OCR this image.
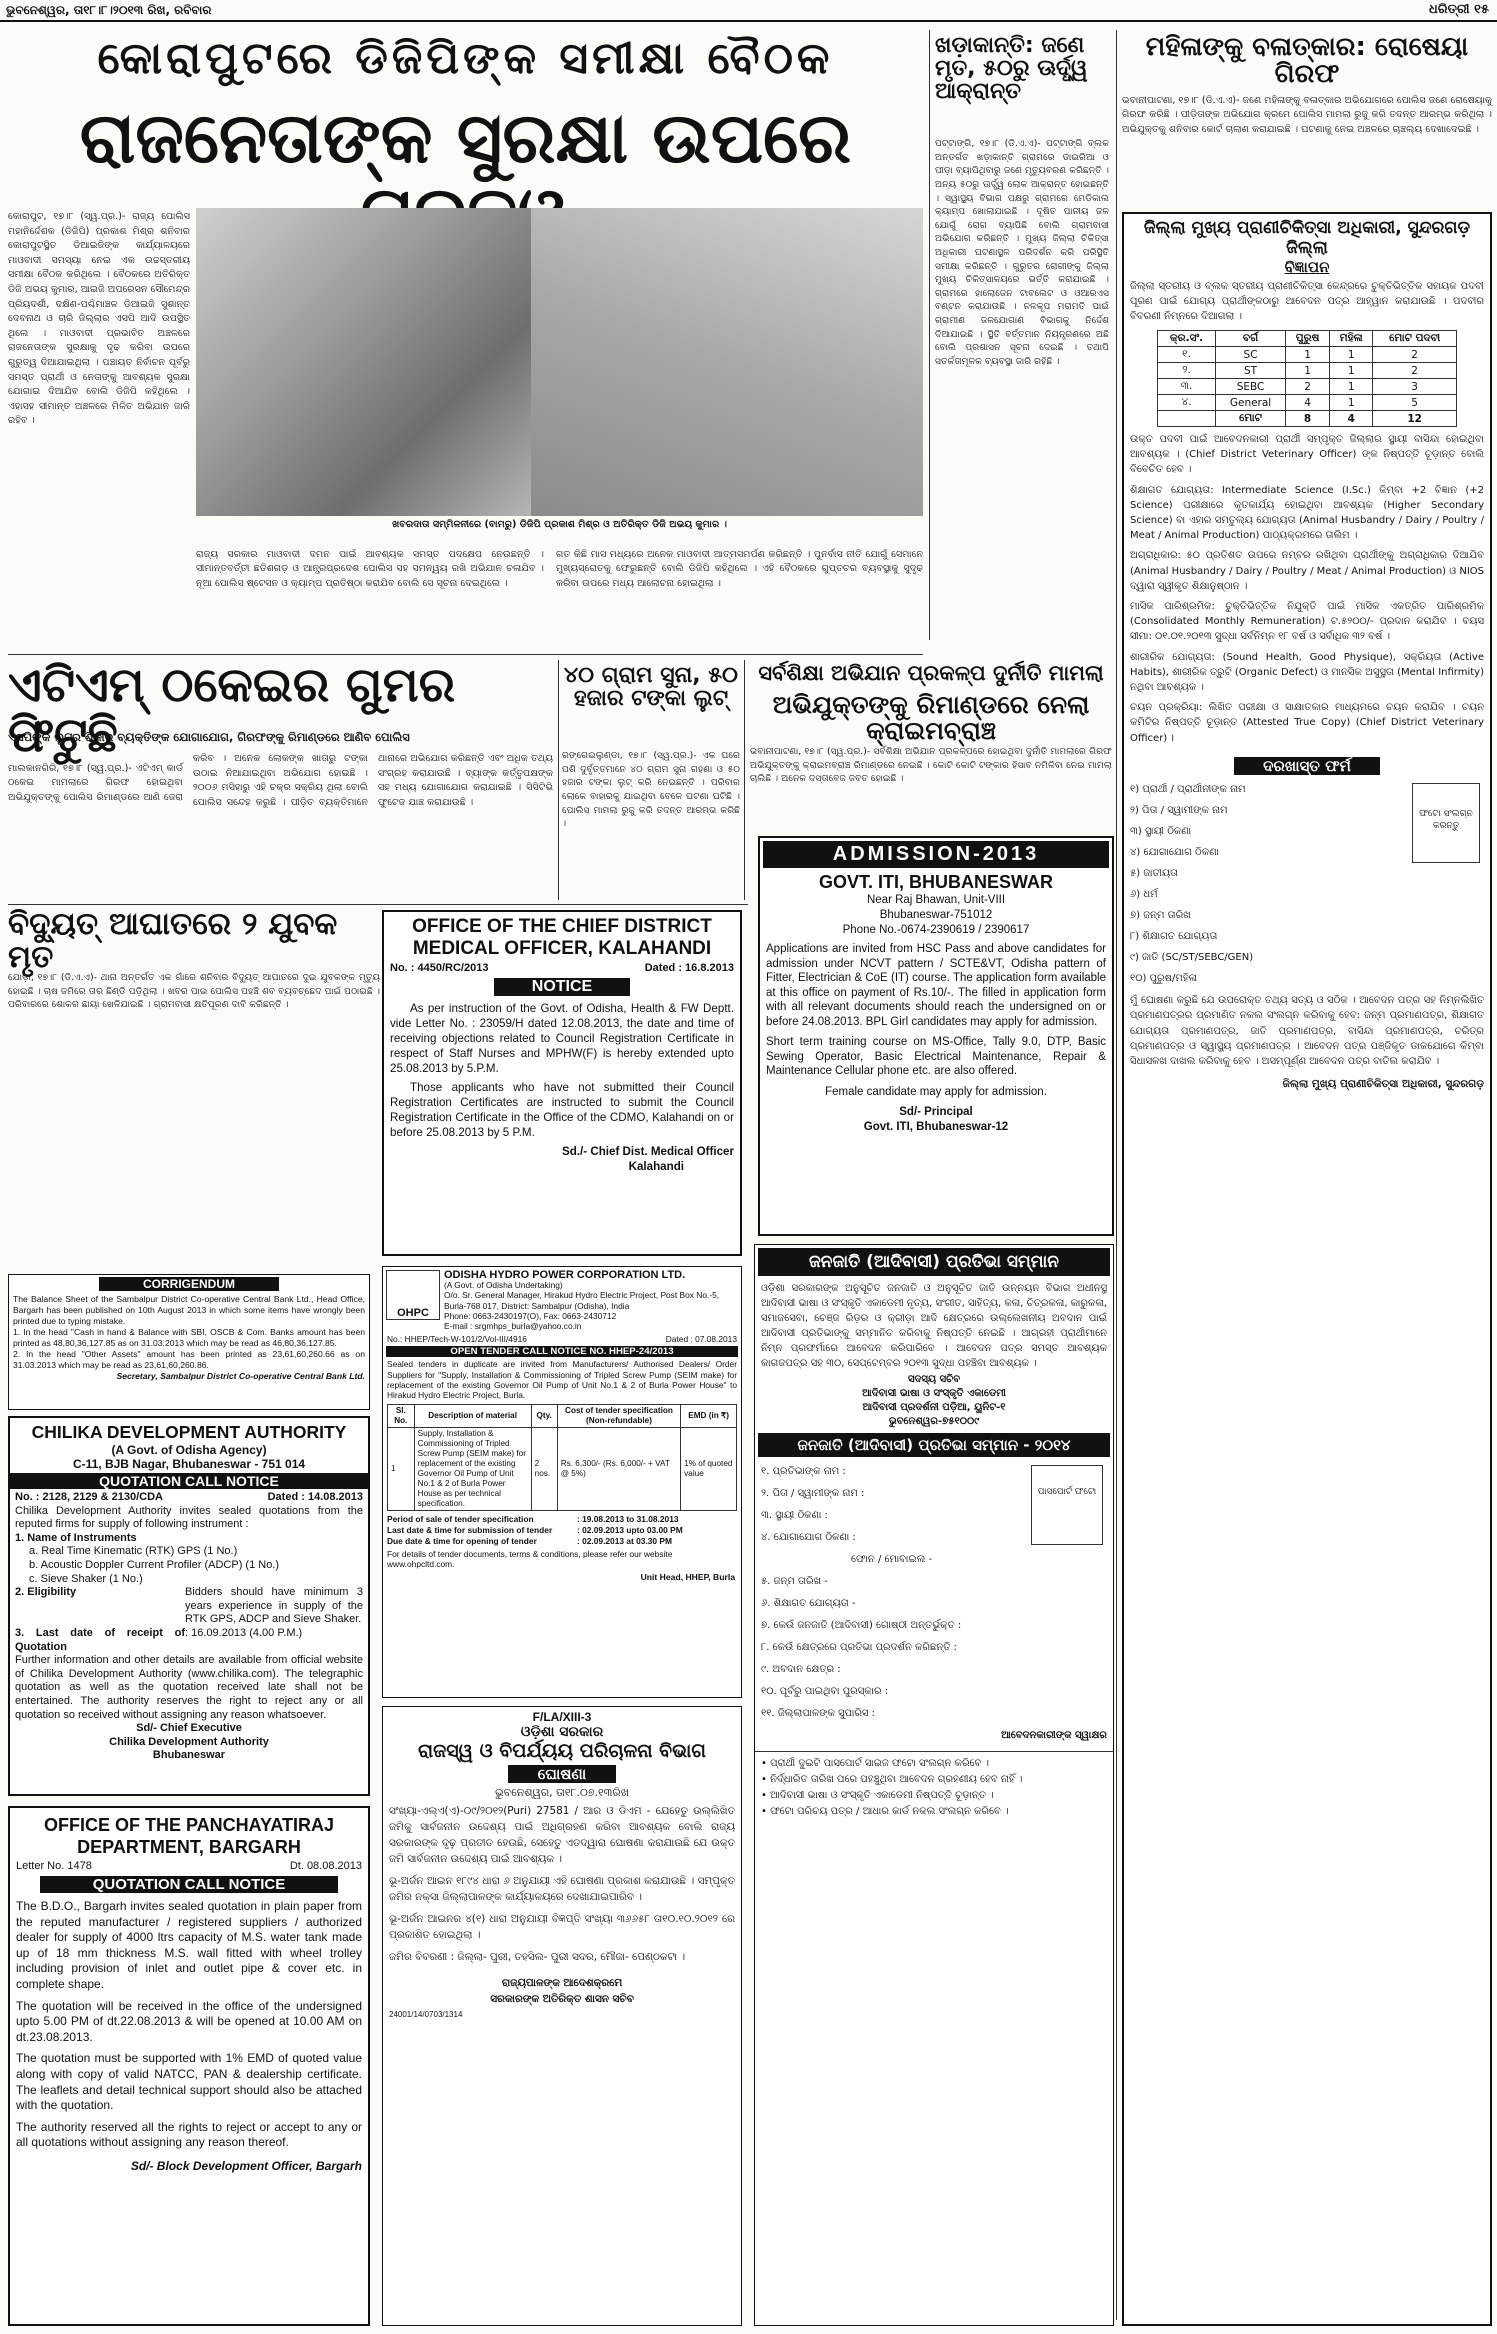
ଭୁବନେଶ୍ୱର, ତା୧୮।୮।୨୦୧୩ ରିଖ, ରବିବାର	ଧରିତ୍ରୀ ୧୫
କୋରାପୁଟରେ ଡିଜିପିଙ୍କ ସମୀକ୍ଷା ବୈଠକ
ରାଜନେତାଙ୍କ ସୁରକ୍ଷା ଉପରେ

କୋରାପୁଟ, ୧୭।୮ (ସ୍ୱ.ପ୍ର.)- ରାଜ୍ୟ ପୋଲିସ ମହାନିର୍ଦ୍ଦେଶକ (ଡିଜିପି) ପ୍ରକାଶ ମିଶ୍ର ଶନିବାର କୋରାପୁଟସ୍ଥିତ ଡିଆଇଜିଙ୍କ କାର୍ଯ୍ୟାଳୟରେ ମାଓବାଦୀ ସମସ୍ୟା ନେଇ ଏକ ଉଚ୍ଚସ୍ତରୀୟ ସମୀକ୍ଷା ବୈଠକ କରିଥିଲେ । ବୈଠକରେ ଅତିରିକ୍ତ ଡିଜି ଅଭୟ କୁମାର, ଆଇଜି ଅପରେସନ ସୌମେନ୍ଦ୍ର ପ୍ରିୟଦର୍ଶୀ, ଦକ୍ଷିଣ-ପଶ୍ଚିମାଞ୍ଚଳ ଡିଆଇଜି ସୁଶାନ୍ତ ଦେବନାଥ ଓ ଚାରି ଜିଲ୍ଲାର ଏସପି ଆଦି ଉପସ୍ଥିତ ଥିଲେ । ମାଓବାଦୀ ପ୍ରଭାବିତ ଅଞ୍ଚଳରେ ରାଜନେତାଙ୍କ ସୁରକ୍ଷାକୁ ଦୃଢ କରିବା ଉପରେ ଗୁରୁତ୍ୱ ଦିଆଯାଇଥିଲା । ପଞ୍ଚାୟତ ନିର୍ବାଚନ ପୂର୍ବରୁ ସମସ୍ତ ପ୍ରାର୍ଥୀ ଓ ନେତାଙ୍କୁ ଆବଶ୍ୟକ ସୁରକ୍ଷା ଯୋଗାଇ ଦିଆଯିବ ବୋଲି ଡିଜିପି କହିଥିଲେ । ଏହାସହ ସୀମାନ୍ତ ଅଞ୍ଚଳରେ ମିଳିତ ଅଭିଯାନ ଜାରି ରହିବ ।

ଖବରଦାତା ସମ୍ମିଳନୀରେ (ବାମରୁ) ଡିଜିପି ପ୍ରକାଶ ମିଶ୍ର ଓ ଅତିରିକ୍ତ ଡିଜି ଅଭୟ କୁମାର ।

ରାଜ୍ୟ ସରକାର ମାଓବାଦୀ ଦମନ ପାଇଁ ଆବଶ୍ୟକ ସମସ୍ତ ପଦକ୍ଷେପ ନେଉଛନ୍ତି । ସୀମାନ୍ତବର୍ତ୍ତୀ ଛତିଶଗଡ଼ ଓ ଆନ୍ଧ୍ରପ୍ରଦେଶ ପୋଲିସ ସହ ସମନ୍ୱୟ ରଖି ଅଭିଯାନ ଚଳାଯିବ । ନୂଆ ପୋଲିସ ଷ୍ଟେସନ ଓ କ୍ୟାମ୍ପ ପ୍ରତିଷ୍ଠା କରାଯିବ ବୋଲି ସେ ସୂଚନା ଦେଇଥିଲେ ।

ଗତ କିଛି ମାସ ମଧ୍ୟରେ ଅନେକ ମାଓବାଦୀ ଆତ୍ମସମର୍ପଣ କରିଛନ୍ତି । ପୁନର୍ବାସ ନୀତି ଯୋଗୁଁ ସେମାନେ ମୁଖ୍ୟସ୍ରୋତକୁ ଫେରୁଛନ୍ତି ବୋଲି ଡିଜିପି କହିଥିଲେ । ଏହି ବୈଠକରେ ଗୁପ୍ତଚର ବ୍ୟବସ୍ଥାକୁ ସୁଦୃଢ କରିବା ଉପରେ ମଧ୍ୟ ଆଲୋଚନା ହୋଇଥିଲା ।

ଖଡ଼ାକାନ୍ତି: ଜଣେ ମୃତ, ୫୦ରୁ ଊର୍ଦ୍ଧ୍ୱ ଆକ୍ରାନ୍ତ

ପଟ୍ଟାଙ୍ଗି, ୧୭।୮ (ଡି.ଏ.ଏ)- ପଟ୍ଟାଙ୍ଗି ବ୍ଲକ ଅନ୍ତର୍ଗତ ଖଡ଼ାକାନ୍ତି ଗ୍ରାମରେ ଡାଇରିଆ ଓ ପୀଡ଼ା ବ୍ୟାପିଥିବାରୁ ଜଣେ ମୃତ୍ୟୁବରଣ କରିଛନ୍ତି । ଅନ୍ୟ ୫୦ରୁ ଊର୍ଦ୍ଧ୍ୱ ଲୋକ ଆକ୍ରାନ୍ତ ହୋଇଛନ୍ତି । ସ୍ୱାସ୍ଥ୍ୟ ବିଭାଗ ପକ୍ଷରୁ ଗ୍ରାମରେ ମେଡିକାଲ କ୍ୟାମ୍ପ ଖୋଲାଯାଇଛି । ଦୂଷିତ ପାନୀୟ ଜଳ ଯୋଗୁଁ ରୋଗ ବ୍ୟାପିଛି ବୋଲି ଗ୍ରାମବାସୀ ଅଭିଯୋଗ କରିଛନ୍ତି । ମୁଖ୍ୟ ଜିଲ୍ଲା ଚିକିତ୍ସା ଅଧିକାରୀ ଘଟଣାସ୍ଥଳ ପରିଦର୍ଶନ କରି ପରିସ୍ଥିତି ସମୀକ୍ଷା କରିଛନ୍ତି । ଗୁରୁତର ରୋଗୀଙ୍କୁ ଜିଲ୍ଲା ମୁଖ୍ୟ ଚିକିତ୍ସାଳୟରେ ଭର୍ତ୍ତି କରାଯାଇଛି । ଗ୍ରାମରେ ହାଲୋଜେନ ଟାବଲେଟ ଓ ଓଆରଏସ ବଣ୍ଟନ କରାଯାଉଛି । ନଳକୂପ ମରାମତି ପାଇଁ ଗ୍ରାମୀଣ ଜଳଯୋଗାଣ ବିଭାଗକୁ ନିର୍ଦ୍ଦେଶ ଦିଆଯାଇଛି । ସ୍ଥିତି ବର୍ତ୍ତମାନ ନିୟନ୍ତ୍ରଣରେ ଅଛି ବୋଲି ପ୍ରଶାସନ ସୂଚନା ଦେଇଛି । ତଥାପି ସତର୍କତାମୂଳକ ବ୍ୟବସ୍ଥା ଜାରି ରହିଛି ।

ମହିଳାଙ୍କୁ ବଳାତ୍କାର: ରୋଷେୟା ଗିରଫ

ଭବାନୀପାଟଣା, ୧୭।୮ (ଡି.ଏ.ଏ)- ଜଣେ ମହିଳାଙ୍କୁ ବଳାତ୍କାର ଅଭିଯୋଗରେ ପୋଲିସ ଜଣେ ରୋଷେୟାକୁ ଗିରଫ କରିଛି । ପୀଡ଼ିତାଙ୍କ ଅଭିଯୋଗ କ୍ରମେ ପୋଲିସ ମାମଲା ରୁଜୁ କରି ତଦନ୍ତ ଆରମ୍ଭ କରିଥିଲା । ଅଭିଯୁକ୍ତକୁ ଶନିବାର କୋର୍ଟ ଚାଲାଣ କରାଯାଇଛି । ଘଟଣାକୁ ନେଇ ଅଞ୍ଚଳରେ ଚାଞ୍ଚଲ୍ୟ ଦେଖାଦେଇଛି ।

ଏଟିଏମ୍ ଠକେଇର ଗୁମର ଫିଟୁଛି
ଏସପିଙ୍କ ଲୁଟ୍ର ଶିକାର ବ୍ୟକ୍ତିଙ୍କ ଯୋଗାଯୋଗ, ଗିରଫଙ୍କୁ ରିମାଣ୍ଡରେ ଆଣିବ ପୋଲିସ

ମାଲକାନଗିରି, ୧୭।୮ (ସ୍ୱ.ପ୍ର.)- ଏଟିଏମ୍ କାର୍ଡ ଠକେଇ ମାମଲାରେ ଗିରଫ ହୋଇଥିବା ଅଭିଯୁକ୍ତଙ୍କୁ ପୋଲିସ ରିମାଣ୍ଡରେ ଆଣି ଜେରା କରିବ । ଅନେକ ଲୋକଙ୍କ ଖାତାରୁ ଟଙ୍କା ଉଠାଇ ନିଆଯାଇଥିବା ଅଭିଯୋଗ ହୋଇଛି । ୨୦୦୬ ମସିହାରୁ ଏହି ଚକ୍ର ସକ୍ରିୟ ଥିଲା ବୋଲି ପୋଲିସ ସନ୍ଦେହ କରୁଛି । ପୀଡ଼ିତ ବ୍ୟକ୍ତିମାନେ ଥାନାରେ ଅଭିଯୋଗ କରିଛନ୍ତି ଏବଂ ଅଧିକ ତଥ୍ୟ ସଂଗ୍ରହ କରାଯାଉଛି । ବ୍ୟାଙ୍କ କର୍ତ୍ତୃପକ୍ଷଙ୍କ ସହ ମଧ୍ୟ ଯୋଗାଯୋଗ କରାଯାଇଛି । ସିସିଟିଭି ଫୁଟେଜ ଯାଞ୍ଚ କରାଯାଉଛି ।

୪୦ ଗ୍ରାମ ସୁନା, ୫୦ ହଜାର ଟଙ୍କା ଲୁଟ୍

ରଙ୍ଗେଇଲୁଣ୍ଡା, ୧୭।୮ (ସ୍ୱ.ପ୍ର.)- ଏକ ଘରେ ପଶି ଦୁର୍ବୃତ୍ତମାନେ ୪୦ ଗ୍ରାମ ସୁନା ଗହଣା ଓ ୫୦ ହଜାର ଟଙ୍କା ଲୁଟ୍ କରି ନେଇଛନ୍ତି । ପରିବାର ଲୋକେ ବାହାରକୁ ଯାଇଥିବା ବେଳେ ଘଟଣା ଘଟିଛି । ପୋଲିସ ମାମଲା ରୁଜୁ କରି ତଦନ୍ତ ଆରମ୍ଭ କରିଛି ।

ସର୍ବଶିକ୍ଷା ଅଭିଯାନ ପ୍ରକଳ୍ପ ଦୁର୍ନୀତି ମାମଲା
ଅଭିଯୁକ୍ତଙ୍କୁ ରିମାଣ୍ଡରେ ନେଲା କ୍ରାଇମବ୍ରାଞ୍ଚ

ଭବାନୀପାଟଣା, ୧୭।୮ (ସ୍ୱ.ପ୍ର.)- ସର୍ବଶିକ୍ଷା ଅଭିଯାନ ପ୍ରକଳ୍ପରେ ହୋଇଥିବା ଦୁର୍ନୀତି ମାମଲାରେ ଗିରଫ ଅଭିଯୁକ୍ତଙ୍କୁ କ୍ରାଇମବ୍ରାଞ୍ଚ ରିମାଣ୍ଡରେ ନେଇଛି । କୋଟି କୋଟି ଟଙ୍କାର ହିସାବ ନମିଳିବା ନେଇ ମାମଲା ଚାଲିଛି । ଅନେକ ଦସ୍ତାବେଜ ଜବତ ହୋଇଛି ।

ADMISSION-2013
GOVT. ITI, BHUBANESWAR
Near Raj Bhawan, Unit-VIII
Bhubaneswar-751012
Phone No.-0674-2390619 / 2390617

Applications are invited from HSC Pass and above candidates for admission under NCVT pattern / SCTE&VT, Odisha pattern of Fitter, Electrician & CoE (IT) course. The application form available at this office on payment of Rs.10/-. The filled in application form with all relevant documents should reach the undersigned on or before 24.08.2013. BPL Girl candidates may apply for admission.

Short term training course on MS-Office, Tally 9.0, DTP, Basic Sewing Operator, Basic Electrical Maintenance, Repair & Maintenance Cellular phone etc. are also offered.

Female candidate may apply for admission.

Sd/- Principal
Govt. ITI, Bhubaneswar-12
ବିଦ୍ୟୁତ୍ ଆଘାତରେ ୨ ଯୁବକ ମୃତ

ଯୋଡ଼ା, ୧୭।୮ (ଡି.ଏ.ଏ)- ଥାନା ଅନ୍ତର୍ଗତ ଏକ ଗାଁରେ ଶନିବାର ବିଦ୍ୟୁତ୍ ଆଘାତରେ ଦୁଇ ଯୁବକଙ୍କ ମୃତ୍ୟୁ ହୋଇଛି । ଚାଷ ଜମିରେ ତାର ଛିଣ୍ଡି ପଡ଼ିଥିଲା । ଖବର ପାଇ ପୋଲିସ ପହଞ୍ଚି ଶବ ବ୍ୟବଚ୍ଛେଦ ପାଇଁ ପଠାଇଛି । ପରିବାରରେ ଶୋକର ଛାୟା ଖେଳିଯାଇଛି । ଗ୍ରାମବାସୀ କ୍ଷତିପୂରଣ ଦାବି କରିଛନ୍ତି ।

CORRIGENDUM
The Balance Sheet of the Sambalpur District Co-operative Central Bank Ltd., Head Office, Bargarh has been published on 10th August 2013 in which some items have wrongly been printed due to typing mistake.
1. In the head "Cash in hand & Balance with SBI, OSCB & Com. Banks amount has been printed as 48,80,36,127.85 as on 31.03.2013 which may be read as 46,80,36,127.85.
2. In the head "Other Assets" amount has been printed as 23,61,60,260.66 as on 31.03.2013 which may be read as 23,61,60,260.86.
Secretary, Sambalpur District Co-operative Central Bank Ltd.
CHILIKA DEVELOPMENT AUTHORITY
(A Govt. of Odisha Agency)
C-11, BJB Nagar, Bhubaneswar - 751 014
QUOTATION CALL NOTICE
No. : 2128, 2129 & 2130/CDA	Dated : 14.08.2013
Chilika Development Authority invites sealed quotations from the reputed firms for supply of following instrument :
1. Name of Instruments
a. Real Time Kinematic (RTK) GPS (1 No.)
b. Acoustic Doppler Current Profiler (ADCP) (1 No.)
c. Sieve Shaker (1 No.)
2. Eligibility	Bidders should have minimum 3 years experience in supply of the RTK GPS, ADCP and Sieve Shaker.
3. Last date of receipt of Quotation
: 16.09.2013 (4.00 P.M.)
Further information and other details are available from official website of Chilika Development Authority (www.chilika.com). The telegraphic quotation as well as the quotation received late shall not be entertained. The authority reserves the right to reject any or all quotation so received without assigning any reason whatsoever.
Sd/- Chief Executive
Chilika Development Authority
Bhubaneswar
OFFICE OF THE PANCHAYATIRAJ DEPARTMENT, BARGARH
Letter No. 1478	Dt. 08.08.2013
QUOTATION CALL NOTICE

The B.D.O., Bargarh invites sealed quotation in plain paper from the reputed manufacturer / registered suppliers / authorized dealer for supply of 4000 ltrs capacity of M.S. water tank made up of 18 mm thickness M.S. wall fitted with wheel trolley including provision of inlet and outlet pipe & cover etc. in complete shape.

The quotation will be received in the office of the undersigned upto 5.00 PM of dt.22.08.2013 & will be opened at 10.00 AM on dt.23.08.2013.

The quotation must be supported with 1% EMD of quoted value along with copy of valid NATCC, PAN & dealership certificate. The leaflets and detail technical support should also be attached with the quotation.

The authority reserved all the rights to reject or accept to any or all quotations without assigning any reason thereof.

Sd/- Block Development Officer, Bargarh
OFFICE OF THE CHIEF DISTRICT
MEDICAL OFFICER, KALAHANDI
No. : 4450/RC/2013	Dated : 16.8.2013
NOTICE

As per instruction of the Govt. of Odisha, Health & FW Deptt. vide Letter No. : 23059/H dated 12.08.2013, the date and time of receiving objections related to Council Registration Certificate in respect of Staff Nurses and MPHW(F) is hereby extended upto 25.08.2013 by 5.P.M.

Those applicants who have not submitted their Council Registration Certificates are instructed to submit the Council Registration Certificate in the Office of the CDMO, Kalahandi on or before 25.08.2013 by 5 P.M.

Sd./- Chief Dist. Medical Officer
Kalahandi
OHPC
ODISHA HYDRO POWER CORPORATION LTD.
(A Govt. of Odisha Undertaking)
O/o. Sr. General Manager, Hirakud Hydro Electric Project, Post Box No.-5, Burla-768 017, District: Sambalpur (Odisha), India
Phone: 0663-2430197(O), Fax: 0663-2430712
E-mail : srgmhps_burla@yahoo.co.in
No.: HHEP/Tech-W-101/2/Vol-III/4916	Dated : 07.08.2013
OPEN TENDER CALL NOTICE NO. HHEP-24/2013
Sealed tenders in duplicate are invited from Manufacturers/ Authorised Dealers/ Order Suppliers for "Supply, Installation & Commissioning of Tripled Screw Pump (SEIM make) for replacement of the existing Governor Oil Pump of Unit No.1 & 2 of Burla Power House" to Hirakud Hydro Electric Project, Burla.
Sl. No.	Description of material	Qty.	Cost of tender specification (Non-refundable)	EMD (in ₹)
1	Supply, Installation & Commissioning of Tripled Screw Pump (SEIM make) for replacement of the existing Governor Oil Pump of Unit No.1 & 2 of Burla Power House as per technical specification.	2 nos.	Rs. 6,300/- (Rs. 6,000/- + VAT @ 5%)	1% of quoted value
Period of sale of tender specification	: 19.08.2013 to 31.08.2013
Last date & time for submission of tender	: 02.09.2013 upto 03.00 PM
Due date & time for opening of tender	: 02.09.2013 at 03.30 PM
For details of tender documents, terms & conditions, please refer our website www.ohpcltd.com.
Unit Head, HHEP, Burla
F/LA/XIII-3
ଓଡ଼ିଶା ସରକାର
ରାଜସ୍ୱ ଓ ବିପର୍ଯ୍ୟୟ ପରିଚାଳନା ବିଭାଗ
ଘୋଷଣା
ଭୁବନେଶ୍ୱର, ତା୧୮.୦୭.୧୩ରିଖ

ସଂଖ୍ୟା-ଏଲ୍ଏ(ଏ)-୦୯/୨୦୧୨(Puri) 27581 / ଆର ଓ ଡିଏମ - ଯେହେତୁ ଉଲ୍ଲିଖିତ ଜମିକୁ ସାର୍ବଜନୀନ ଉଦ୍ଦେଶ୍ୟ ପାଇଁ ଅଧିଗ୍ରହଣ କରିବା ଆବଶ୍ୟକ ବୋଲି ରାଜ୍ୟ ସରକାରଙ୍କ ଦୃଢ଼ ପ୍ରତୀତ ହେଉଛି, ସେହେତୁ ଏତଦ୍ୱାରା ଘୋଷଣା କରାଯାଉଛି ଯେ ଉକ୍ତ ଜମି ସାର୍ବଜନୀନ ଉଦ୍ଦେଶ୍ୟ ପାଇଁ ଆବଶ୍ୟକ ।

ଭୂ-ଅର୍ଜନ ଆଇନ ୧୮୯୪ ଧାରା ୬ ଅନୁଯାୟୀ ଏହି ଘୋଷଣା ପ୍ରକାଶ କରାଯାଉଛି । ସମ୍ପୃକ୍ତ ଜମିର ନକ୍ସା ଜିଲ୍ଲାପାଳଙ୍କ କାର୍ଯ୍ୟାଳୟରେ ଦେଖାଯାଇପାରିବ ।

ଭୂ-ଅର୍ଜନ ଆଇନର ୪(୧) ଧାରା ଅନୁଯାୟୀ ବିଜ୍ଞପ୍ତି ସଂଖ୍ୟା ୩୬୬୫୮ ତା୧୦.୧୦.୨୦୧୨ ରେ ପ୍ରକାଶିତ ହୋଇଥିଲା ।

ଜମିର ବିବରଣୀ : ଜିଲ୍ଲା- ପୁରୀ, ତହସିଲ- ପୁରୀ ସଦର, ମୌଜା- ପେଣ୍ଠକଟା ।

ରାଜ୍ୟପାଳଙ୍କ ଆଦେଶକ୍ରମେ
ସରକାରଙ୍କ ଅତିରିକ୍ତ ଶାସନ ସଚିବ
24001/14/0703/1314
ଜନଜାତି (ଆଦିବାସୀ) ପ୍ରତିଭା ସମ୍ମାନ
ଓଡ଼ିଶା ସରକାରଙ୍କ ଅନୁସୂଚିତ ଜନଜାତି ଓ ଅନୁସୂଚିତ ଜାତି ଉନ୍ନୟନ ବିଭାଗ ଅଧୀନସ୍ଥ ଆଦିବାସୀ ଭାଷା ଓ ସଂସ୍କୃତି ଏକାଡେମୀ ନୃତ୍ୟ, ସଂଗୀତ, ସାହିତ୍ୟ, କଳା, ଚିତ୍ରକଳା, କାରୁକଳା, ସମାଜସେବା, ଚେଞ୍ଜ ରିଡ଼ର ଓ କ୍ରୀଡ଼ା ଆଦି କ୍ଷେତ୍ରରେ ଉଲ୍ଲେଖନୀୟ ଅବଦାନ ପାଇଁ ଆଦିବାସୀ ପ୍ରତିଭାଙ୍କୁ ସମ୍ମାନିତ କରିବାକୁ ନିଷ୍ପତ୍ତି ନେଇଛି । ଆଗ୍ରହୀ ପ୍ରାର୍ଥୀମାନେ ନିମ୍ନ ପ୍ରଫର୍ମାରେ ଆବେଦନ କରିପାରିବେ । ଆବେଦନ ପତ୍ର ସମସ୍ତ ଆବଶ୍ୟକ କାଗଜପତ୍ର ସହ ୩୦, ସେପ୍ଟେମ୍ବର ୨୦୧୩ ସୁଦ୍ଧା ପହଞ୍ଚିବା ଆବଶ୍ୟକ ।
ସଦସ୍ୟ ସଚିବ
ଆଦିବାସୀ ଭାଷା ଓ ସଂସ୍କୃତି ଏକାଡେମୀ
ଆଦିବାସୀ ପ୍ରଦର୍ଶନୀ ପଡ଼ିଆ, ୟୁନିଟ-୧
ଭୁବନେଶ୍ୱର-୭୫୧୦୦୯
ଜନଜାତି (ଆଦିବାସୀ) ପ୍ରତିଭା ସମ୍ମାନ - ୨୦୧୪
ପାସପୋର୍ଟ ଫଟୋ
୧. ପ୍ରତିଭାଙ୍କ ନାମ :
୨. ପିତା / ସ୍ୱାମୀଙ୍କ ନାମ :
୩. ସ୍ଥାୟୀ ଠିକଣା :
୪. ଯୋଗାଯୋଗ ଠିକଣା :
ଫୋନ / ମୋବାଇଲ -
୫. ଜନ୍ମ ତାରିଖ -
୬. ଶିକ୍ଷାଗତ ଯୋଗ୍ୟତା -
୭. କେଉଁ ଜନଜାତି (ଆଦିବାସୀ) ଗୋଷ୍ଠୀ ଅନ୍ତର୍ଭୁକ୍ତ :
୮. କେଉଁ କ୍ଷେତ୍ରରେ ପ୍ରତିଭା ପ୍ରଦର୍ଶନ କରିଛନ୍ତି :
୯. ଅବଦାନ କ୍ଷେତ୍ର :
୧୦. ପୂର୍ବରୁ ପାଇଥିବା ପୁରସ୍କାର :
୧୧. ଜିଲ୍ଲାପାଳଙ୍କ ସୁପାରିସ :
ଆବେଦନକାରୀଙ୍କ ସ୍ୱାକ୍ଷର
• ପ୍ରାର୍ଥୀ ଦୁଇଟି ପାସପୋର୍ଟ ସାଇଜ ଫଟୋ ସଂଲଗ୍ନ କରିବେ ।
• ନିର୍ଦ୍ଧାରିତ ତାରିଖ ପରେ ପହଞ୍ଚୁଥିବା ଆବେଦନ ଗ୍ରହଣୀୟ ହେବ ନାହିଁ ।
• ଆଦିବାସୀ ଭାଷା ଓ ସଂସ୍କୃତି ଏକାଡେମୀ ନିଷ୍ପତ୍ତି ଚୂଡ଼ାନ୍ତ ।
• ଫଟୋ ପରିଚୟ ପତ୍ର / ଆଧାର କାର୍ଡ ନକଲ ସଂଲଗ୍ନ କରିବେ ।
ଜିଲ୍ଲା ମୁଖ୍ୟ ପ୍ରାଣୀଚିକିତ୍ସା ଅଧିକାରୀ, ସୁନ୍ଦରଗଡ଼ ଜିଲ୍ଲା
ବିଜ୍ଞାପନ
ଜିଲ୍ଲା ସ୍ତରୀୟ ଓ ବ୍ଲକ ସ୍ତରୀୟ ପ୍ରାଣୀଚିକିତ୍ସା କେନ୍ଦ୍ରରେ ଚୁକ୍ତିଭିତ୍ତିକ ସହାୟକ ପଦବୀ ପୂରଣ ପାଇଁ ଯୋଗ୍ୟ ପ୍ରାର୍ଥୀଙ୍କଠାରୁ ଆବେଦନ ପତ୍ର ଆହ୍ୱାନ କରାଯାଉଛି । ପଦବୀର ବିବରଣୀ ନିମ୍ନରେ ଦିଆଗଲା ।
କ୍ର.ସଂ.	ବର୍ଗ	ପୁରୁଷ	ମହିଳା	ମୋଟ ପଦବୀ
୧.	SC	1	1	2
୨.	ST	1	1	2
୩.	SEBC	2	1	3
୪.	General	4	1	5
	ମୋଟ	8	4	12

ଉକ୍ତ ପଦବୀ ପାଇଁ ଆବେଦନକାରୀ ପ୍ରାର୍ଥୀ ସମ୍ପୃକ୍ତ ଜିଲ୍ଲାର ସ୍ଥାୟୀ ବାସିନ୍ଦା ହୋଇଥିବା ଆବଶ୍ୟକ । (Chief District Veterinary Officer) ଙ୍କ ନିଷ୍ପତ୍ତି ଚୂଡ଼ାନ୍ତ ବୋଲି ବିବେଚିତ ହେବ ।

ଶିକ୍ଷାଗତ ଯୋଗ୍ୟତା: Intermediate Science (I.Sc.) କିମ୍ବା +2 ବିଜ୍ଞାନ (+2 Science) ପରୀକ୍ଷାରେ କୃତକାର୍ଯ୍ୟ ହୋଇଥିବା ଆବଶ୍ୟକ (Higher Secondary Science) ବା ଏହାର ସମତୁଲ୍ୟ ଯୋଗ୍ୟତା (Animal Husbandry / Dairy / Poultry / Meat / Animal Production) ପାଠ୍ୟକ୍ରମରେ ତାଲିମ ।

ଅଗ୍ରାଧିକାର: ୫୦ ପ୍ରତିଶତ ଉପରେ ନମ୍ବର ରଖିଥିବା ପ୍ରାର୍ଥୀଙ୍କୁ ଅଗ୍ରାଧିକାର ଦିଆଯିବ (Animal Husbandry / Dairy / Poultry / Meat / Animal Production) ଓ NIOS ଦ୍ୱାରା ସ୍ୱୀକୃତ ଶିକ୍ଷାନୁଷ୍ଠାନ ।

ମାସିକ ପାରିଶ୍ରମିକ: ଚୁକ୍ତିଭିତ୍ତିକ ନିଯୁକ୍ତି ପାଇଁ ମାସିକ ଏକତ୍ରିତ ପାରିଶ୍ରମିକ (Consolidated Monthly Remuneration) ଟ.୫୨୦୦/- ପ୍ରଦାନ କରାଯିବ । ବୟସ ସୀମା: ୦୧.୦୧.୨୦୧୩ ସୁଦ୍ଧା ସର୍ବନିମ୍ନ ୧୮ ବର୍ଷ ଓ ସର୍ବାଧିକ ୩୨ ବର୍ଷ ।

ଶାରୀରିକ ଯୋଗ୍ୟତା: (Sound Health, Good Physique), ସକ୍ରିୟତା (Active Habits), ଶାରୀରିକ ତ୍ରୁଟି (Organic Defect) ଓ ମାନସିକ ଅସୁସ୍ଥତା (Mental Infirmity) ନଥିବା ଆବଶ୍ୟକ ।

ଚୟନ ପ୍ରକ୍ରିୟା: ଲିଖିତ ପରୀକ୍ଷା ଓ ସାକ୍ଷାତକାର ମାଧ୍ୟମରେ ଚୟନ କରାଯିବ । ଚୟନ କମିଟିର ନିଷ୍ପତ୍ତି ଚୂଡ଼ାନ୍ତ (Attested True Copy) (Chief District Veterinary Officer) ।

ଦରଖାସ୍ତ ଫର୍ମ
ଫଟୋ ସଂଲଗ୍ନ କରନ୍ତୁ
୧) ପ୍ରାର୍ଥୀ / ପ୍ରାର୍ଥୀନୀଙ୍କ ନାମ
୨) ପିତା / ସ୍ୱାମୀଙ୍କ ନାମ
୩) ସ୍ଥାୟୀ ଠିକଣା
୪) ଯୋଗାଯୋଗ ଠିକଣା
୫) ଜାତୀୟତା
୬) ଧର୍ମ
୭) ଜନ୍ମ ତାରିଖ
୮) ଶିକ୍ଷାଗତ ଯୋଗ୍ୟତା
୯) ଜାତି (SC/ST/SEBC/GEN)
୧୦) ପୁରୁଷ/ମହିଳା
ମୁଁ ଘୋଷଣା କରୁଛି ଯେ ଉପରୋକ୍ତ ତଥ୍ୟ ସତ୍ୟ ଓ ସଠିକ । ଆବେଦନ ପତ୍ର ସହ ନିମ୍ନଲିଖିତ ପ୍ରମାଣପତ୍ରର ପ୍ରମାଣିତ ନକଲ ସଂଲଗ୍ନ କରିବାକୁ ହେବ: ଜନ୍ମ ପ୍ରମାଣପତ୍ର, ଶିକ୍ଷାଗତ ଯୋଗ୍ୟତା ପ୍ରମାଣପତ୍ର, ଜାତି ପ୍ରମାଣପତ୍ର, ବାସିନ୍ଦା ପ୍ରମାଣପତ୍ର, ଚରିତ୍ର ପ୍ରମାଣପତ୍ର ଓ ସ୍ୱାସ୍ଥ୍ୟ ପ୍ରମାଣପତ୍ର । ଆବେଦନ ପତ୍ର ପଞ୍ଜିକୃତ ଡାକଯୋଗେ କିମ୍ବା ସିଧାସଳଖ ଦାଖଲ କରିବାକୁ ହେବ । ଅସମ୍ପୂର୍ଣ୍ଣ ଆବେଦନ ପତ୍ର ବାତିଲ କରାଯିବ ।
ଜିଲ୍ଲା ମୁଖ୍ୟ ପ୍ରାଣୀଚିକିତ୍ସା ଅଧିକାରୀ, ସୁନ୍ଦରଗଡ଼
